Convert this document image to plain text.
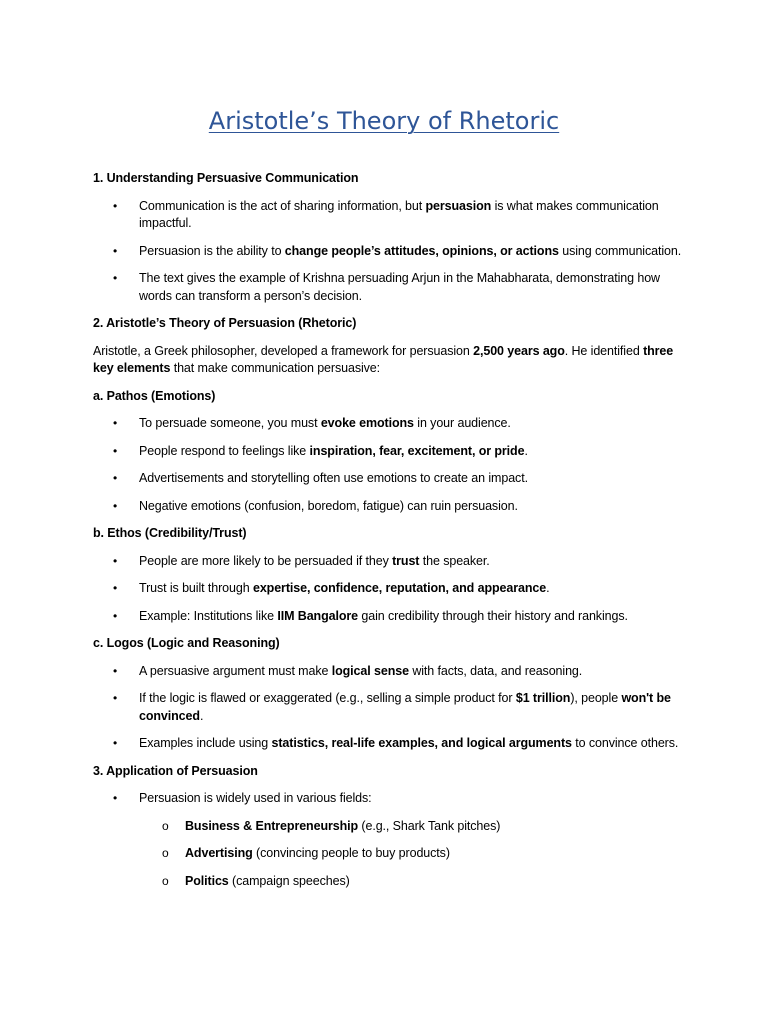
Aristotle’s Theory of Rhetoric
1. Understanding Persuasive Communication
• Communication is the act of sharing information, but persuasion is what makes communication impactful.
• Persuasion is the ability to change people’s attitudes, opinions, or actions using communication.
• The text gives the example of Krishna persuading Arjun in the Mahabharata, demonstrating how words can transform a person’s decision.
2. Aristotle’s Theory of Persuasion (Rhetoric)
Aristotle, a Greek philosopher, developed a framework for persuasion 2,500 years ago. He identified three key elements that make communication persuasive:
a. Pathos (Emotions)
• To persuade someone, you must evoke emotions in your audience.
• People respond to feelings like inspiration, fear, excitement, or pride.
• Advertisements and storytelling often use emotions to create an impact.
• Negative emotions (confusion, boredom, fatigue) can ruin persuasion.
b. Ethos (Credibility/Trust)
• People are more likely to be persuaded if they trust the speaker.
• Trust is built through expertise, confidence, reputation, and appearance.
• Example: Institutions like IIM Bangalore gain credibility through their history and rankings.
c. Logos (Logic and Reasoning)
• A persuasive argument must make logical sense with facts, data, and reasoning.
• If the logic is flawed or exaggerated (e.g., selling a simple product for $1 trillion), people won't be convinced.
• Examples include using statistics, real-life examples, and logical arguments to convince others.
3. Application of Persuasion
• Persuasion is widely used in various fields:
o Business & Entrepreneurship (e.g., Shark Tank pitches)
o Advertising (convincing people to buy products)
o Politics (campaign speeches)
